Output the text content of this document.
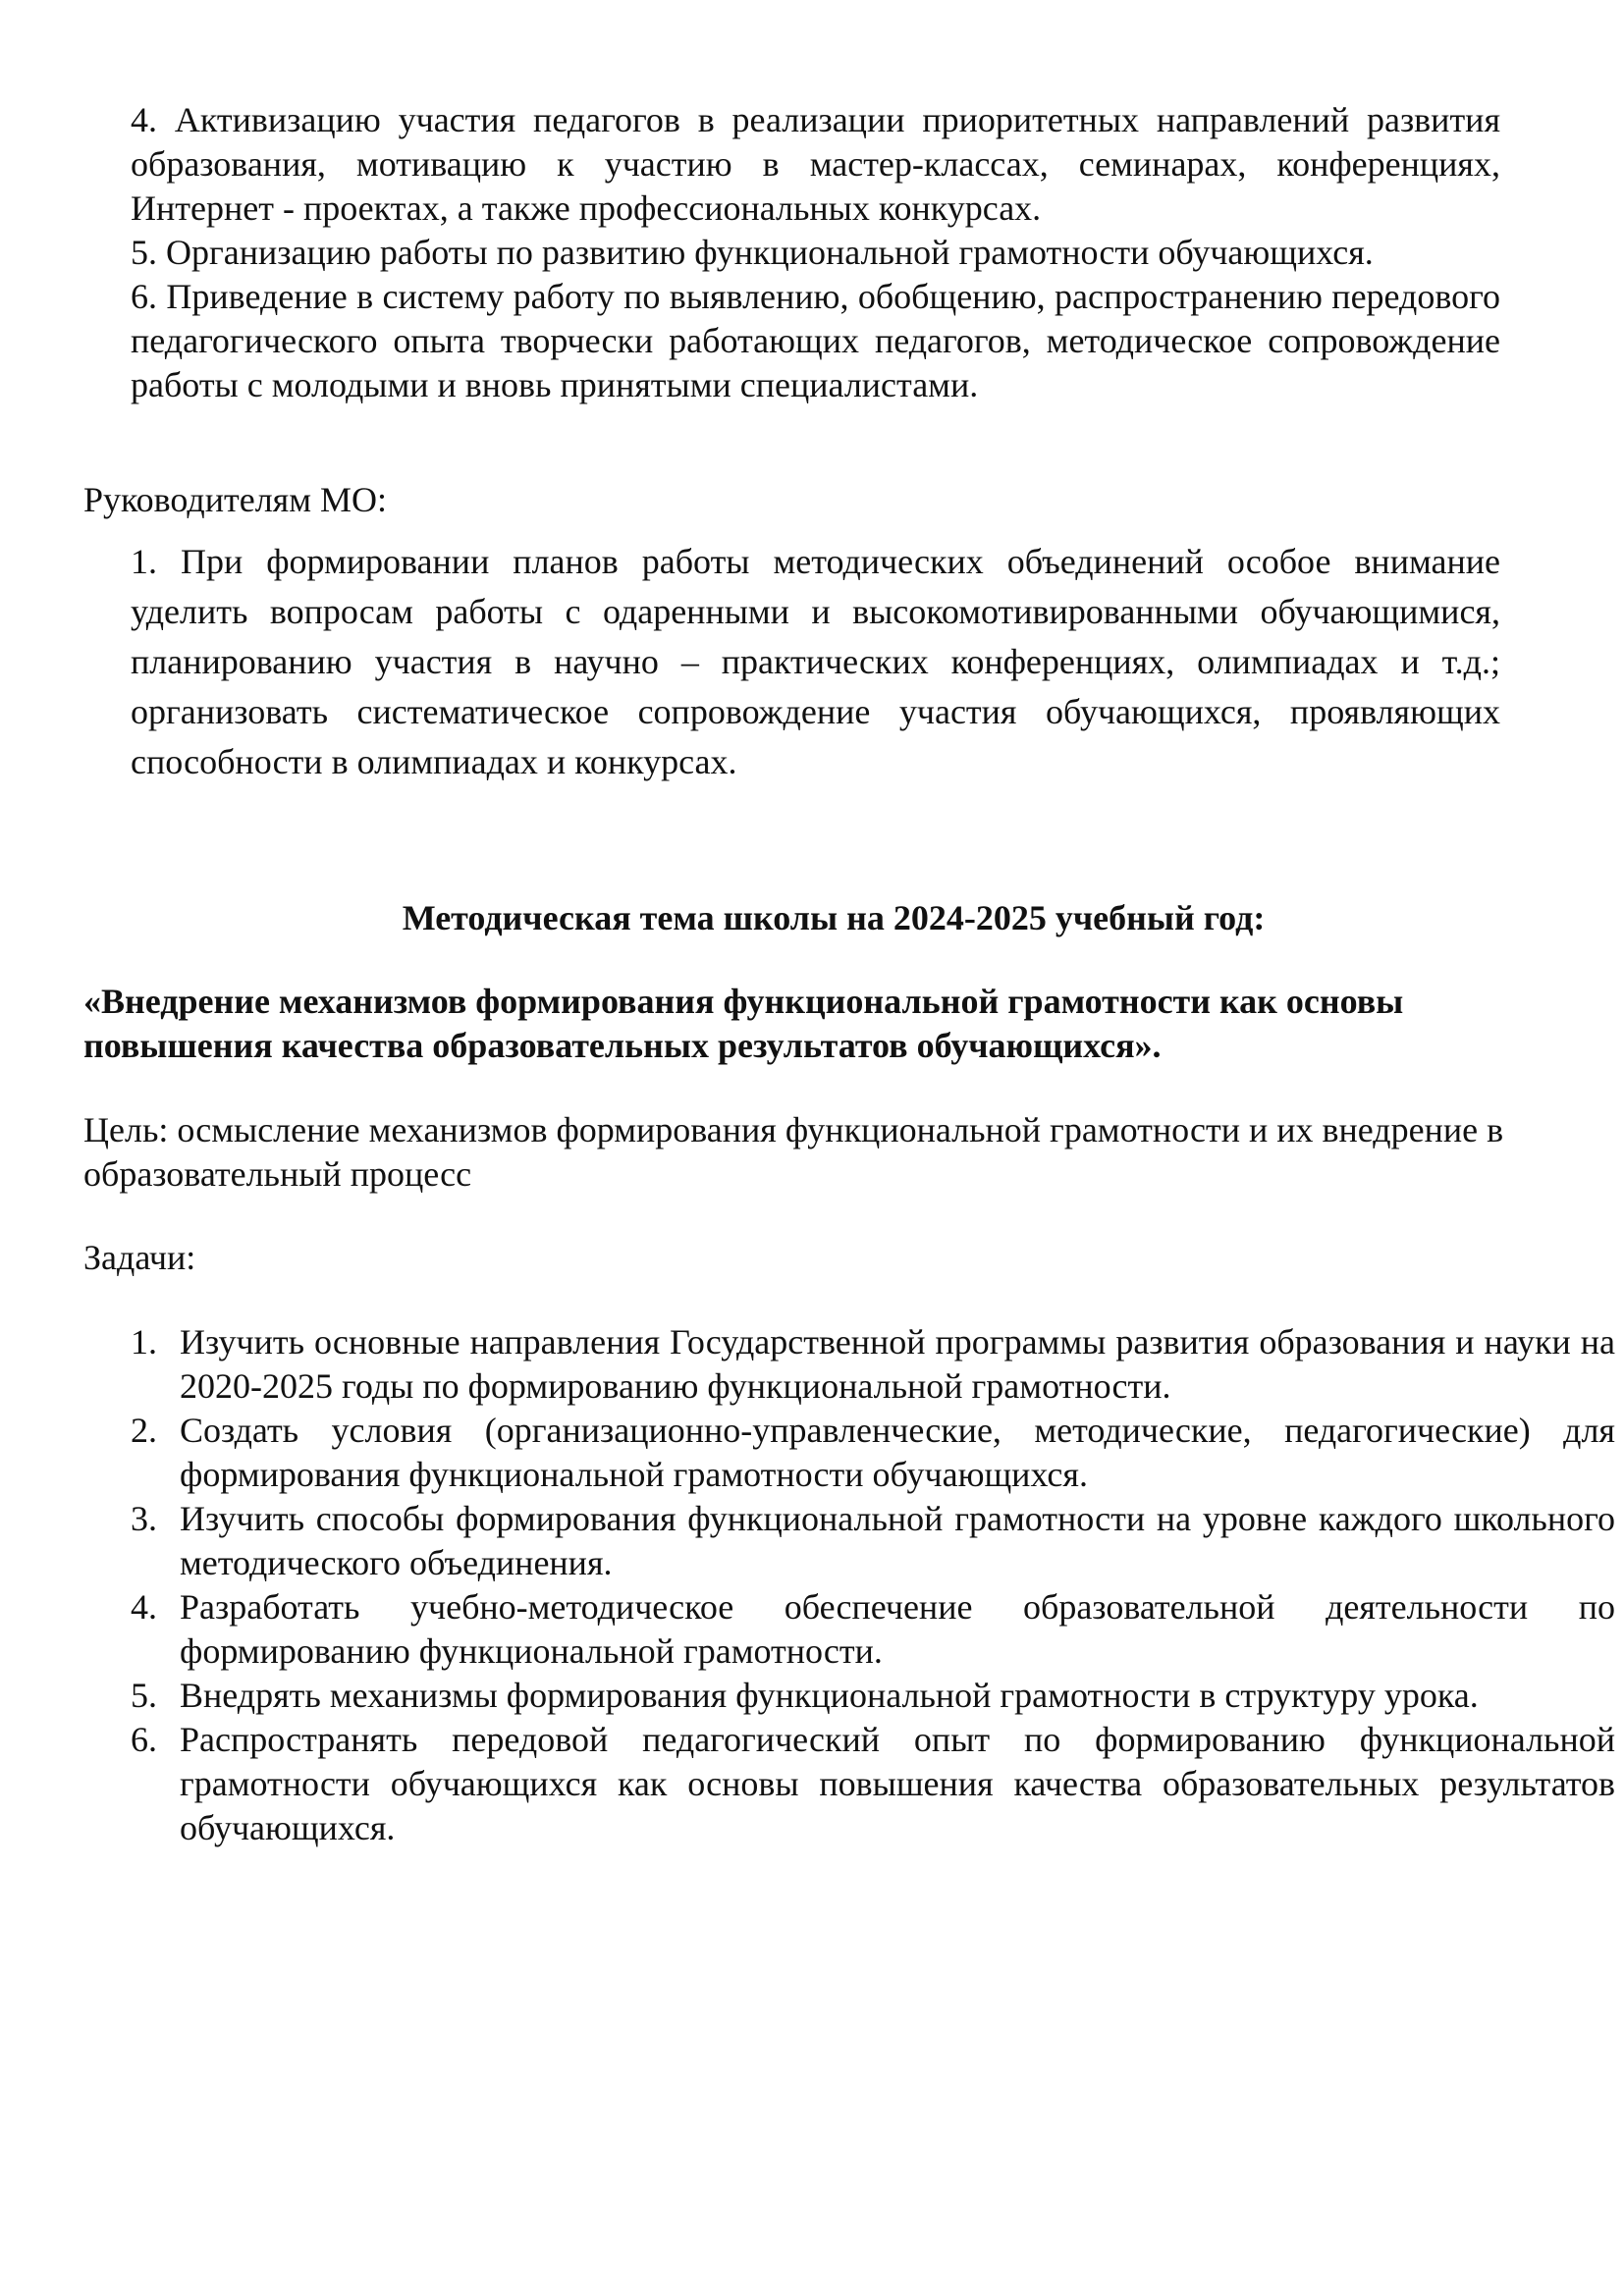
4. Активизацию участия педагогов в реализации приоритетных направлений развития образования, мотивацию к участию в мастер-классах, семинарах, конференциях, Интернет - проектах, а также профессиональных конкурсах.

5. Организацию работы по развитию функциональной грамотности обучающихся.

6. Приведение в систему работу по выявлению, обобщению, распространению передового педагогического опыта творчески работающих педагогов, методическое сопровождение работы с молодыми и вновь принятыми специалистами.

Руководителям МО:

1. При формировании планов работы методических объединений особое внимание уделить вопросам работы с одаренными и высокомотивированными обучающимися, планированию участия в научно – практических конференциях, олимпиадах и т.д.; организовать систематическое сопровождение участия обучающихся, проявляющих способности в олимпиадах и конкурсах.

Методическая тема школы на 2024-2025 учебный год:
«Внедрение механизмов формирования функциональной грамотности как основы повышения качества образовательных результатов обучающихся».
Цель: осмысление механизмов формирования функциональной грамотности и их внедрение в образовательный процесс
Задачи:
1. Изучить основные направления Государственной программы развития образования и науки на 2020-2025 годы по формированию функциональной грамотности.
2. Создать условия (организационно-управленческие, методические, педагогические) для формирования функциональной грамотности обучающихся.
3. Изучить способы формирования функциональной грамотности на уровне каждого школьного методического объединения.
4. Разработать учебно-методическое обеспечение образовательной деятельности по формированию функциональной грамотности.
5. Внедрять механизмы формирования функциональной грамотности в структуру урока.
6. Распространять передовой педагогический опыт по формированию функциональной грамотности обучающихся как основы повышения качества образовательных результатов обучающихся.
